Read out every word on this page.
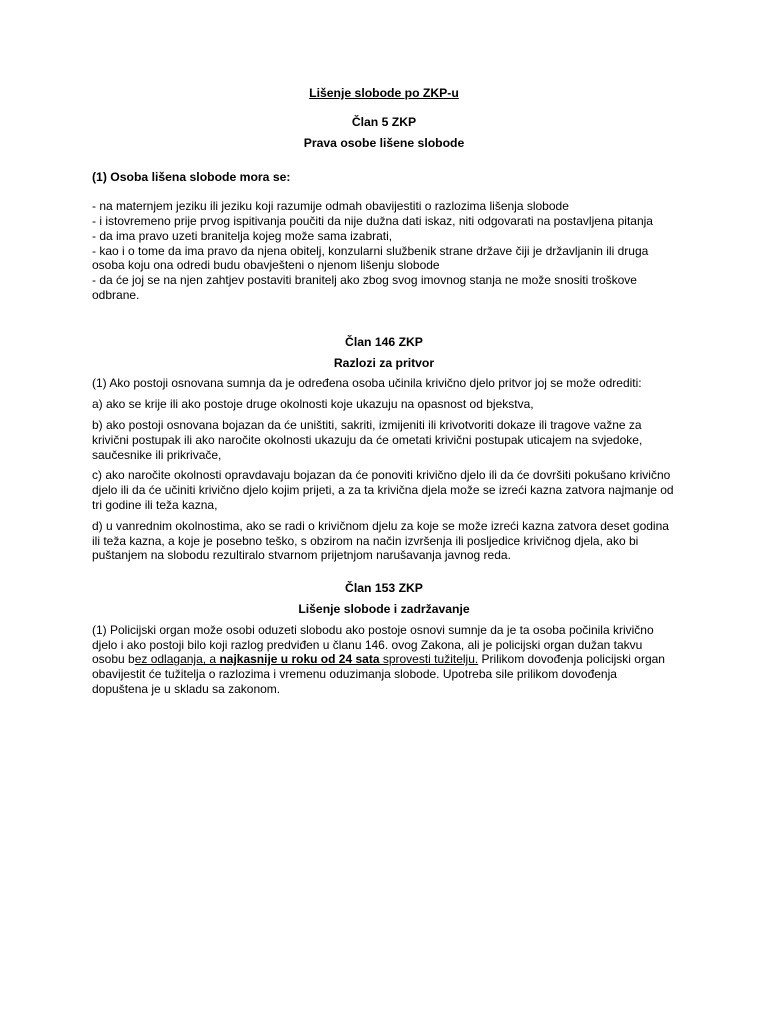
Lišenje slobode po ZKP-u

Član 5 ZKP

Prava osobe lišene slobode

(1) Osoba lišena slobode mora se:

- na maternjem jeziku ili jeziku koji razumije odmah obavijestiti o razlozima lišenja slobode
- i istovremeno prije prvog ispitivanja poučiti da nije dužna dati iskaz, niti odgovarati na postavljena pitanja
- da ima pravo uzeti branitelja kojeg može sama izabrati,
- kao i o tome da ima pravo da njena obitelj, konzularni službenik strane države čiji je državljanin ili druga osoba koju ona odredi budu obavješteni o njenom lišenju slobode
- da će joj se na njen zahtjev postaviti branitelj ako zbog svog imovnog stanja ne može snositi troškove odbrane.

Član 146 ZKP

Razlozi za pritvor

(1) Ako postoji osnovana sumnja da je određena osoba učinila krivično djelo pritvor joj se može odrediti:

a) ako se krije ili ako postoje druge okolnosti koje ukazuju na opasnost od bjekstva,

b) ako postoji osnovana bojazan da će uništiti, sakriti, izmijeniti ili krivotvoriti dokaze ili tragove važne za krivični postupak ili ako naročite okolnosti ukazuju da će ometati krivični postupak uticajem na svjedoke, saučesnike ili prikrivače,

c) ako naročite okolnosti opravdavaju bojazan da će ponoviti krivično djelo ili da će dovršiti pokušano krivično djelo ili da će učiniti krivično djelo kojim prijeti, a za ta krivična djela može se izreći kazna zatvora najmanje od tri godine ili teža kazna,

d) u vanrednim okolnostima, ako se radi o krivičnom djelu za koje se može izreći kazna zatvora deset godina ili teža kazna, a koje je posebno teško, s obzirom na način izvršenja ili posljedice krivičnog djela, ako bi puštanjem na slobodu rezultiralo stvarnom prijetnjom narušavanja javnog reda.

Član 153 ZKP

Lišenje slobode i zadržavanje

(1) Policijski organ može osobi oduzeti slobodu ako postoje osnovi sumnje da je ta osoba počinila krivično djelo i ako postoji bilo koji razlog predviđen u članu 146. ovog Zakona, ali je policijski organ dužan takvu osobu bez odlaganja, a najkasnije u roku od 24 sata sprovesti tužitelju. Prilikom dovođenja policijski organ obavijestit će tužitelja o razlozima i vremenu oduzimanja slobode. Upotreba sile prilikom dovođenja dopuštena je u skladu sa zakonom.
